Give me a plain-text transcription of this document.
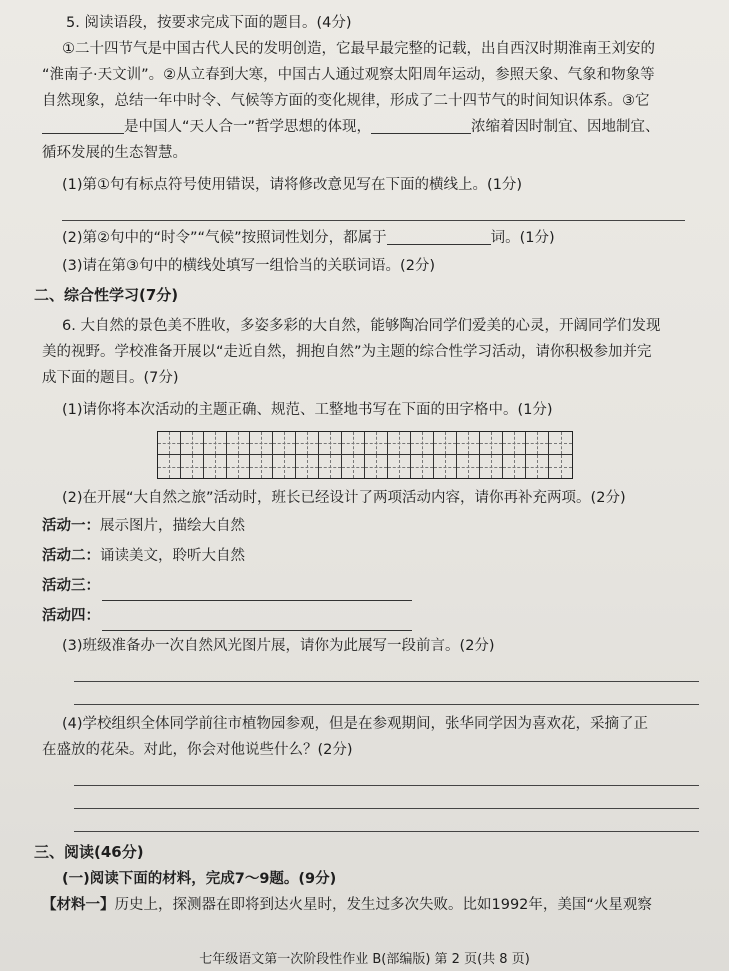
5. 阅读语段，按要求完成下面的题目。(4分)
①二十四节气是中国古代人民的发明创造，它最早最完整的记载，出自西汉时期淮南王刘安的
“淮南子·天文训”。②从立春到大寒，中国古人通过观察太阳周年运动，参照天象、气象和物象等
自然现象，总结一年中时令、气候等方面的变化规律，形成了二十四节气的时间知识体系。③它
是中国人“天人合一”哲学思想的体现，	浓缩着因时制宜、因地制宜、
循环发展的生态智慧。
(1)第①句有标点符号使用错误，请将修改意见写在下面的横线上。(1分)
(2)第②句中的“时令”“气候”按照词性划分，都属于	词。(1分)
(3)请在第③句中的横线处填写一组恰当的关联词语。(2分)
二、综合性学习(7分)
6. 大自然的景色美不胜收，多姿多彩的大自然，能够陶冶同学们爱美的心灵，开阔同学们发现
美的视野。学校准备开展以“走近自然，拥抱自然”为主题的综合性学习活动，请你积极参加并完
成下面的题目。(7分)
(1)请你将本次活动的主题正确、规范、工整地书写在下面的田字格中。(1分)
(2)在开展“大自然之旅”活动时，班长已经设计了两项活动内容，请你再补充两项。(2分)
活动一： 展示图片，描绘大自然
活动二： 诵读美文，聆听大自然
活动三：
活动四：
(3)班级准备办一次自然风光图片展，请你为此展写一段前言。(2分)
(4)学校组织全体同学前往市植物园参观，但是在参观期间，张华同学因为喜欢花，采摘了正
在盛放的花朵。对此，你会对他说些什么？(2分)
三、阅读(46分)
(一)阅读下面的材料，完成7～9题。(9分)
【材料一】历史上，探测器在即将到达火星时，发生过多次失败。比如1992年，美国“火星观察
七年级语文第一次阶段性作业 B(部编版) 第 2 页(共 8 页)
